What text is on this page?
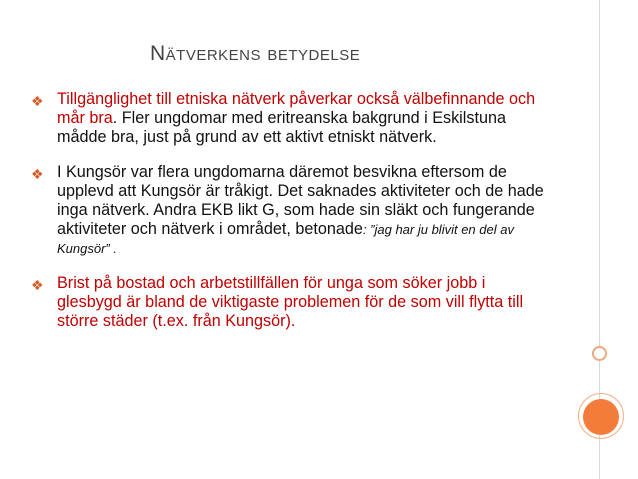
Nätverkens betydelse
❖ Tillgänglighet till etniska nätverk påverkar också välbefinnande och mår bra. Fler ungdomar med eritreanska bakgrund i Eskilstuna mådde bra, just på grund av ett aktivt etniskt nätverk.
❖ I Kungsör var flera ungdomarna däremot besvikna eftersom de upplevd att Kungsör är tråkigt. Det saknades aktiviteter och de hade inga nätverk. Andra EKB likt G, som hade sin släkt och fungerande aktiviteter och nätverk i området, betonade: ”jag har ju blivit en del av Kungsör” .
❖ Brist på bostad och arbetstillfällen för unga som söker jobb i glesbygd är bland de viktigaste problemen för de som vill flytta till större städer (t.ex. från Kungsör).
